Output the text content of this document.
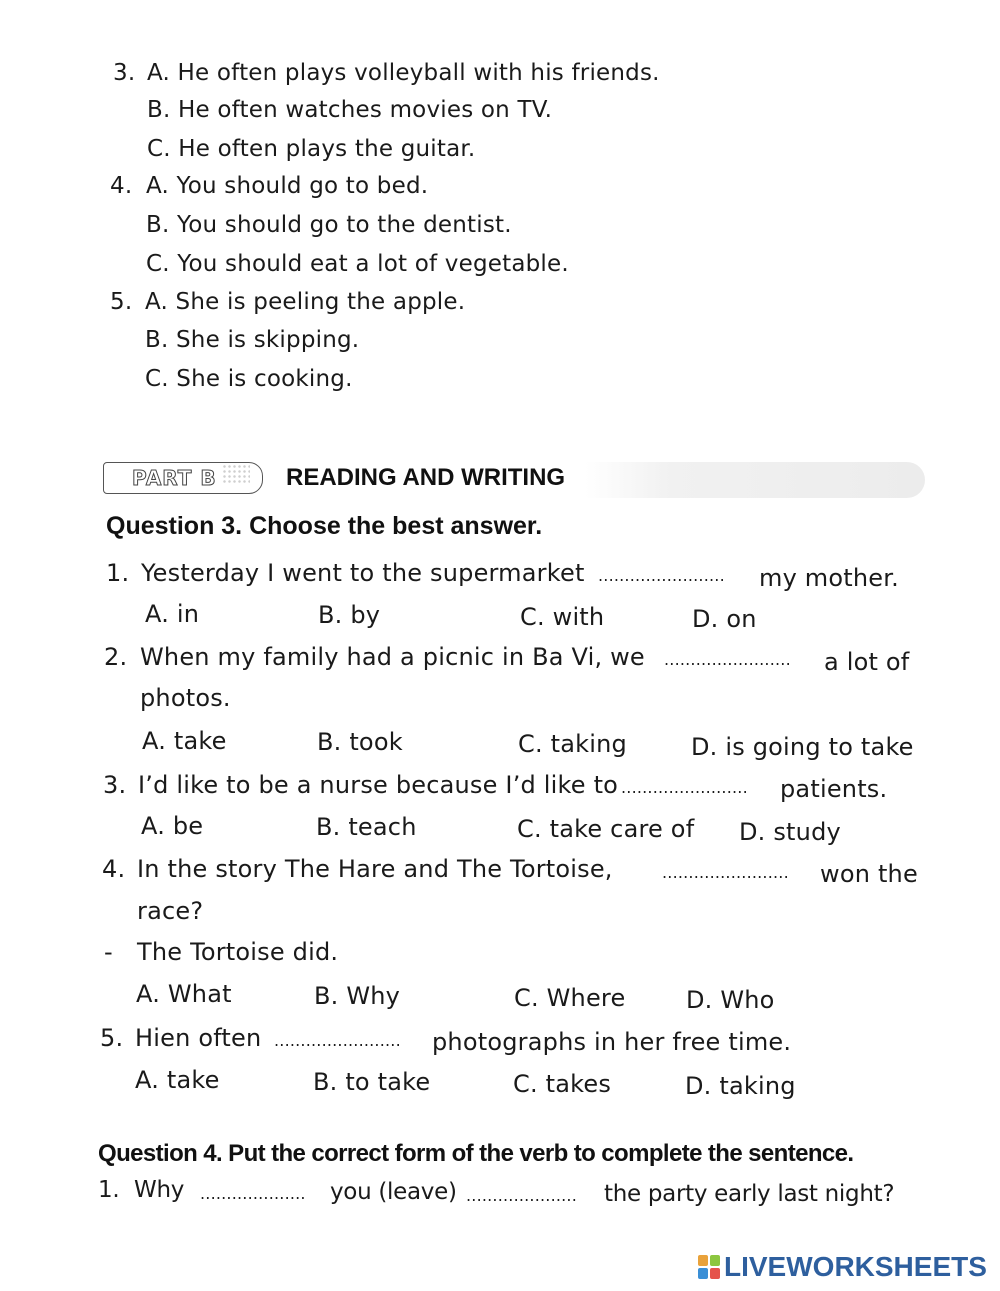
3. A. He often plays volleyball with his friends.
B. He often watches movies on TV.
C. He often plays the guitar.
4. A. You should go to bed.
B. You should go to the dentist.
C. You should eat a lot of vegetable.
5. A. She is peeling the apple.
B. She is skipping.
C. She is cooking.
PART B	READING AND WRITING
Question 3. Choose the best answer.
1. Yesterday I went to the supermarket ........................ my mother.
A. in	B. by	C. with	D. on
2. When my family had a picnic in Ba Vi, we ........................ a lot of
photos.
A. take	B. took	C. taking	D. is going to take
3. I’d like to be a nurse because I’d like to ........................ patients.
A. be	B. teach	C. take care of D. study
4. In the story The Hare and The Tortoise,	........................ won the
race?
- The Tortoise did.
A. What	B. Why	C. Where	D. Who
5. Hien often ........................ photographs in her free time.
A. take	B. to take	C. takes	D. taking
Question 4. Put the correct form of the verb to complete the sentence.
1. Why .................... you (leave) ..................... the party early last night?
LIVEWORKSHEETS
